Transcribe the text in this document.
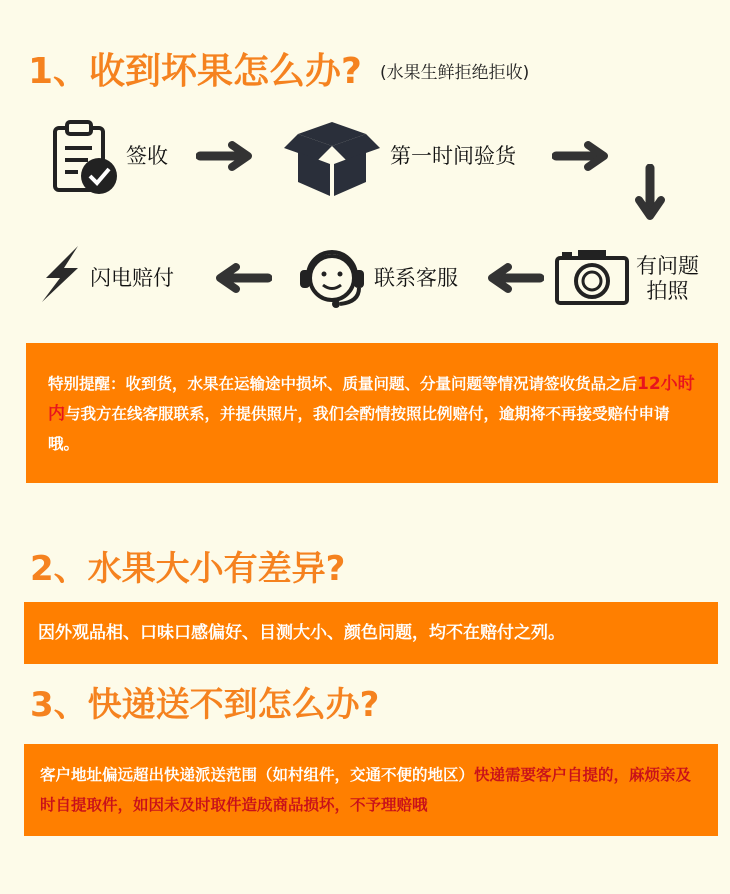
1、收到坏果怎么办? (水果生鲜拒绝拒收)
签收	第一时间验货
闪电赔付	联系客服	有问题
拍照

特别提醒：收到货，水果在运输途中损坏、质量问题、分量问题等情况请签收货品之后12小时内与我方在线客服联系，并提供照片，我们会酌情按照比例赔付，逾期将不再接受赔付申请哦。

2、水果大小有差异?

因外观品相、口味口感偏好、目测大小、颜色问题，均不在赔付之列。

3、快递送不到怎么办?

客户地址偏远超出快递派送范围（如村组件，交通不便的地区）快递需要客户自提的，麻烦亲及时自提取件，如因未及时取件造成商品损坏，不予理赔哦
